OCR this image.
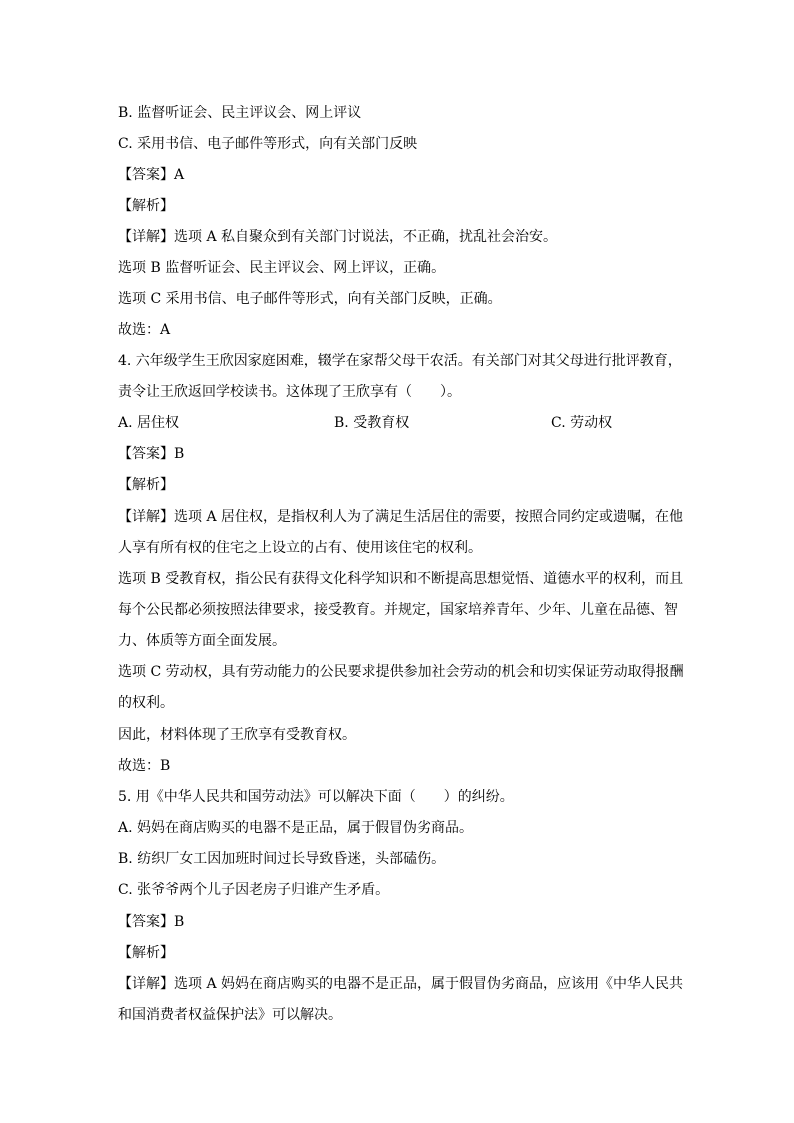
B. 监督听证会、民主评议会、网上评议
C. 采用书信、电子邮件等形式，向有关部门反映
【答案】A
【解析】
【详解】选项 A 私自聚众到有关部门讨说法，不正确，扰乱社会治安。
选项 B 监督听证会、民主评议会、网上评议，正确。
选项 C 采用书信、电子邮件等形式，向有关部门反映，正确。
故选：A
4. 六年级学生王欣因家庭困难，辍学在家帮父母干农活。有关部门对其父母进行批评教育，
责令让王欣返回学校读书。这体现了王欣享有（　　）。
A. 居住权	B. 受教育权	C. 劳动权
【答案】B
【解析】
【详解】选项 A 居住权，是指权利人为了满足生活居住的需要，按照合同约定或遗嘱，在他
人享有所有权的住宅之上设立的占有、使用该住宅的权利。
选项 B 受教育权，指公民有获得文化科学知识和不断提高思想觉悟、道德水平的权利，而且
每个公民都必须按照法律要求，接受教育。并规定，国家培养青年、少年、儿童在品德、智
力、体质等方面全面发展。
选项 C 劳动权，具有劳动能力的公民要求提供参加社会劳动的机会和切实保证劳动取得报酬
的权利。
因此，材料体现了王欣享有受教育权。
故选：B
5. 用《中华人民共和国劳动法》可以解决下面（　　）的纠纷。
A. 妈妈在商店购买的电器不是正品，属于假冒伪劣商品。
B. 纺织厂女工因加班时间过长导致昏迷，头部磕伤。
C. 张爷爷两个儿子因老房子归谁产生矛盾。
【答案】B
【解析】
【详解】选项 A 妈妈在商店购买的电器不是正品，属于假冒伪劣商品，应该用《中华人民共
和国消费者权益保护法》可以解决。
